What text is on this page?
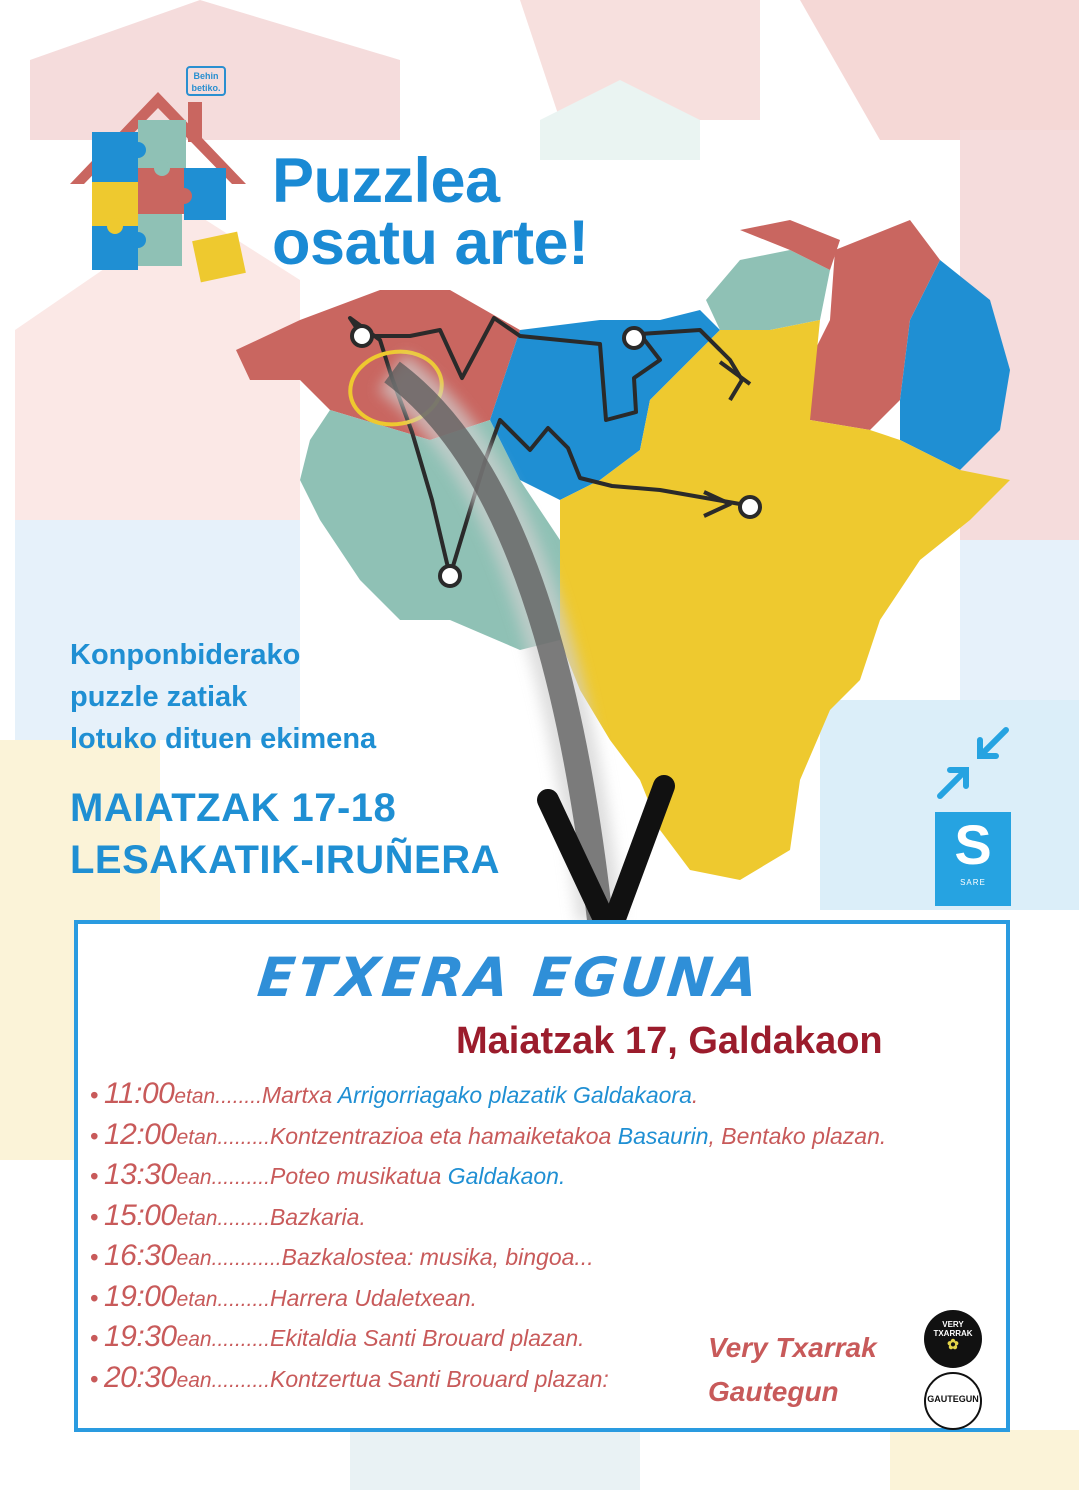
Behin betiko.
Puzzlea
osatu arte!
Konponbiderako
puzzle zatiak
lotuko dituen ekimena
MAIATZAK 17-18
LESAKATIK-IRUÑERA	S
SARE
ETXERA EGUNA
Maiatzak 17, Galdakaon
• 11:00etan........Martxa Arrigorriagako plazatik Galdakaora.
• 12:00etan.........Kontzentrazioa eta hamaiketakoa Basaurin, Bentako plazan.
• 13:30ean..........Poteo musikatua Galdakaon.
• 15:00etan.........Bazkaria.
• 16:30ean............Bazkalostea: musika, bingoa...
• 19:00etan.........Harrera Udaletxean.
• 19:30ean..........Ekitaldia Santi Brouard plazan.
• 20:30ean..........Kontzertua Santi Brouard plazan:
Very Txarrak
Gautegun
VERY TXARRAK
✿
GAUTEGUN
